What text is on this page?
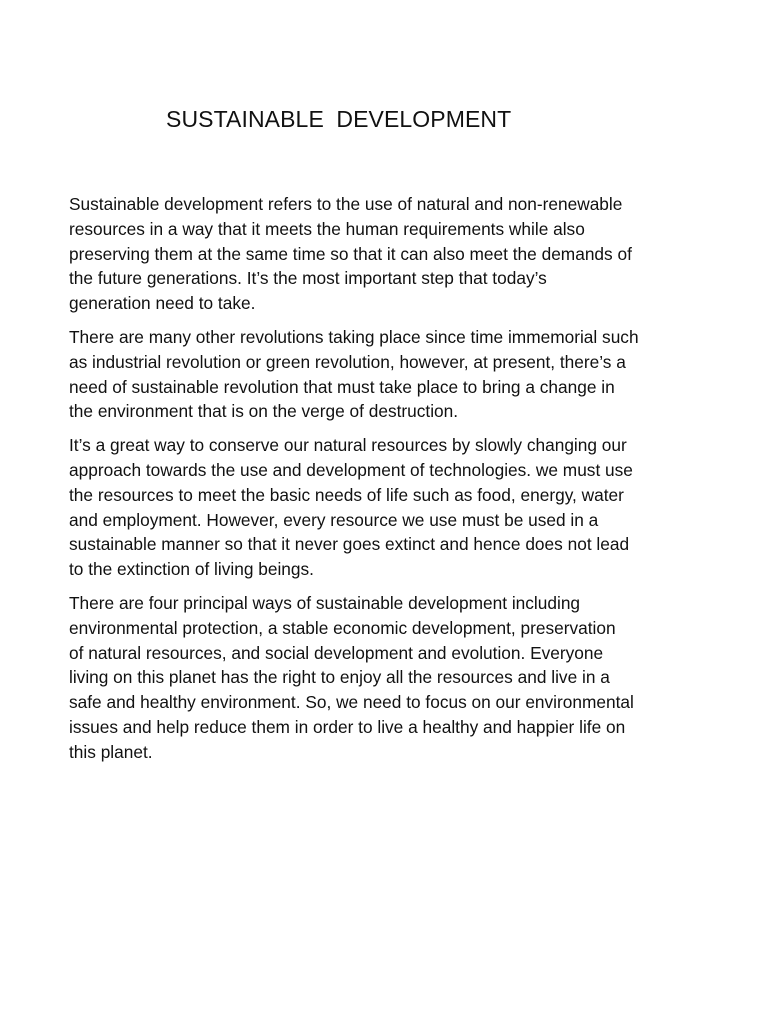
SUSTAINABLE DEVELOPMENT

Sustainable development refers to the use of natural and non-renewable
resources in a way that it meets the human requirements while also
preserving them at the same time so that it can also meet the demands of
the future generations. It’s the most important step that today’s
generation need to take.

There are many other revolutions taking place since time immemorial such
as industrial revolution or green revolution, however, at present, there’s a
need of sustainable revolution that must take place to bring a change in
the environment that is on the verge of destruction.

It’s a great way to conserve our natural resources by slowly changing our
approach towards the use and development of technologies. we must use
the resources to meet the basic needs of life such as food, energy, water
and employment. However, every resource we use must be used in a
sustainable manner so that it never goes extinct and hence does not lead
to the extinction of living beings.

There are four principal ways of sustainable development including
environmental protection, a stable economic development, preservation
of natural resources, and social development and evolution. Everyone
living on this planet has the right to enjoy all the resources and live in a
safe and healthy environment. So, we need to focus on our environmental
issues and help reduce them in order to live a healthy and happier life on
this planet.
